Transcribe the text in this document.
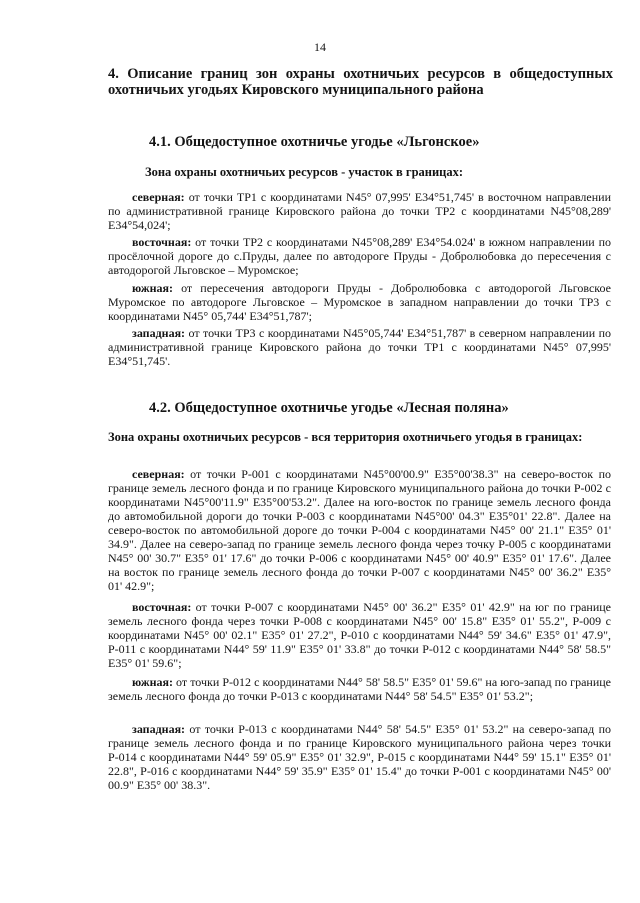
14
4. Описание границ зон охраны охотничьих ресурсов в общедоступных охотничьих угодьях Кировского муниципального района
4.1. Общедоступное охотничье угодье «Льгонское»
Зона охраны охотничьих ресурсов - участок в границах:
северная: от точки ТР1 с координатами N45° 07,995' E34°51,745' в восточном направлении по административной границе Кировского района до точки ТР2 с координатами N45°08,289' E34°54,024';
восточная: от точки ТР2 с координатами N45°08,289' E34°54.024' в южном направлении по просёлочной дороге до с.Пруды, далее по автодороге Пруды - Добролюбовка до пересечения с автодорогой Льговское – Муромское;
южная: от пересечения автодороги Пруды - Добролюбовка с автодорогой Льговское Муромское по автодороге Льговское – Муромское в западном направлении до точки ТР3 с координатами N45° 05,744' E34°51,787';
западная: от точки ТР3 с координатами N45°05,744' E34°51,787' в северном направлении по административной границе Кировского района до точки ТР1 с координатами N45° 07,995' E34°51,745'.
4.2. Общедоступное охотничье угодье «Лесная поляна»
Зона охраны охотничьих ресурсов - вся территория охотничьего угодья в границах:
северная: от точки Р-001 с координатами N45°00'00.9" E35°00'38.3" на северо-восток по границе земель лесного фонда и по границе Кировского муниципального района до точки Р-002 с координатами N45°00'11.9" E35°00'53.2". Далее на юго-восток по границе земель лесного фонда до автомобильной дороги до точки Р-003 с координатами N45°00' 04.3" E35°01' 22.8". Далее на северо-восток по автомобильной дороге до точки Р-004 с координатами N45° 00' 21.1" E35° 01' 34.9". Далее на северо-запад по границе земель лесного фонда через точку Р-005 с координатами N45° 00' 30.7" E35° 01' 17.6" до точки Р-006 с координатами N45° 00' 40.9" E35° 01' 17.6". Далее на восток по границе земель лесного фонда до точки Р-007 с координатами N45° 00' 36.2" E35° 01' 42.9";
восточная: от точки Р-007 с координатами N45° 00' 36.2" E35° 01' 42.9" на юг по границе земель лесного фонда через точки Р-008 с координатами N45° 00' 15.8" E35° 01' 55.2", Р-009 с координатами N45° 00' 02.1" E35° 01' 27.2", Р-010 с координатами N44° 59' 34.6" E35° 01' 47.9", Р-011 с координатами N44° 59' 11.9" E35° 01' 33.8" до точки Р-012 с координатами N44° 58' 58.5" E35° 01' 59.6";
южная: от точки Р-012 с координатами N44° 58' 58.5" E35° 01' 59.6" на юго-запад по границе земель лесного фонда до точки Р-013 с координатами N44° 58' 54.5" E35° 01' 53.2";
западная: от точки Р-013 с координатами N44° 58' 54.5" E35° 01' 53.2" на северо-запад по границе земель лесного фонда и по границе Кировского муниципального района через точки Р-014 с координатами N44° 59' 05.9" E35° 01' 32.9", Р-015 с координатами N44° 59' 15.1" E35° 01' 22.8", Р-016 с координатами N44° 59' 35.9" E35° 01' 15.4" до точки Р-001 с координатами N45° 00' 00.9" E35° 00' 38.3".
